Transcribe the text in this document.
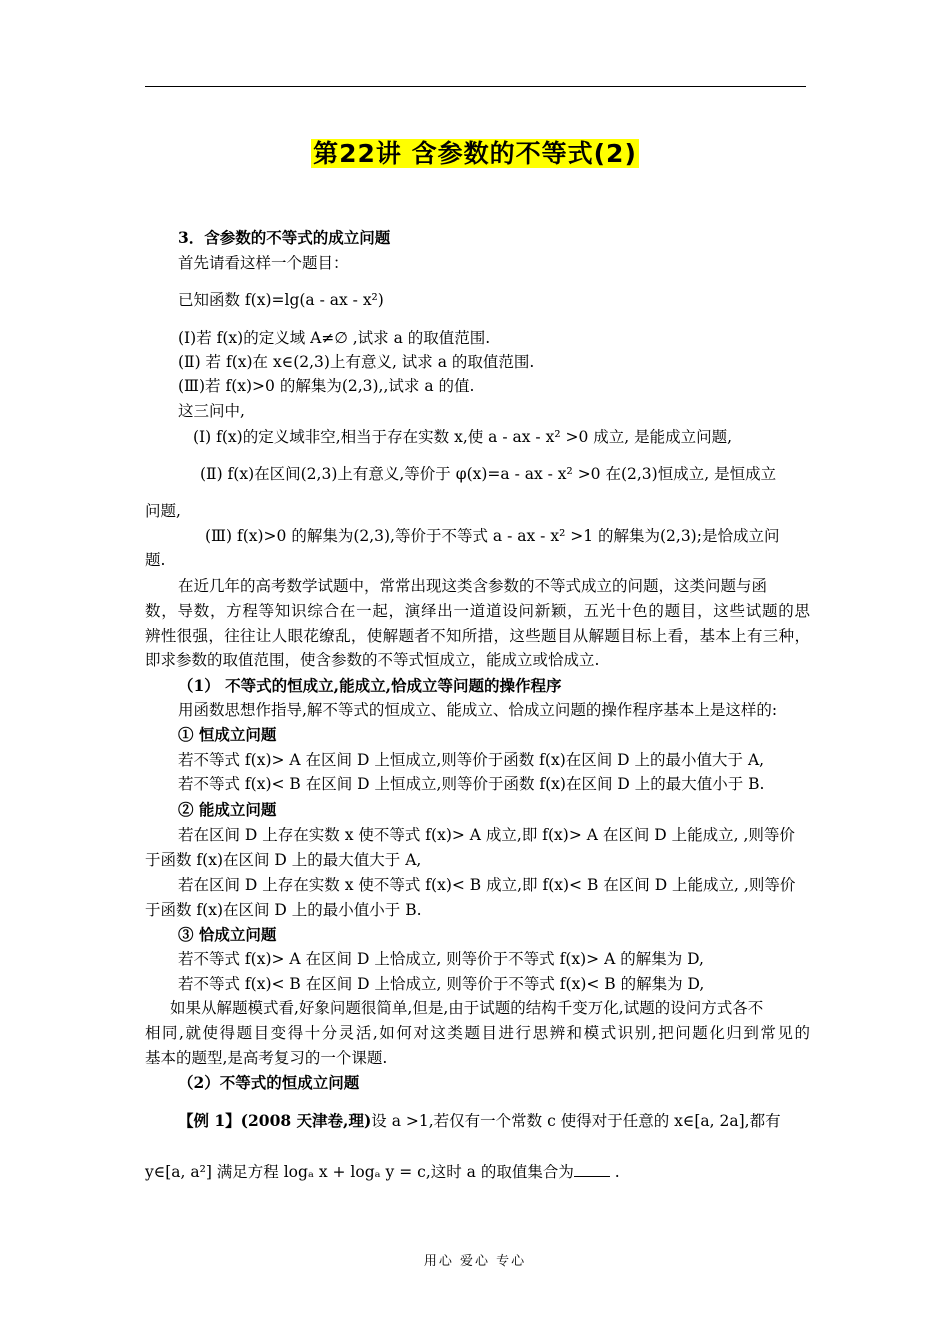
第22讲 含参数的不等式(2)
3．含参数的不等式的成立问题
首先请看这样一个题目：
已知函数 f(x)=lg(a - ax - x²)
(Ⅰ)若 f(x)的定义域 A≠∅ ,试求 a 的取值范围.
(Ⅱ) 若 f(x)在 x∈(2,3)上有意义, 试求 a 的取值范围.
(Ⅲ)若 f(x)>0 的解集为(2,3),,试求 a 的值.
这三问中,
(Ⅰ) f(x)的定义域非空,相当于存在实数 x,使 a - ax - x² >0 成立, 是能成立问题,
(Ⅱ) f(x)在区间(2,3)上有意义,等价于 φ(x)=a - ax - x² >0 在(2,3)恒成立, 是恒成立
问题,
(Ⅲ) f(x)>0 的解集为(2,3),等价于不等式 a - ax - x² >1 的解集为(2,3);是恰成立问
题.
在近几年的高考数学试题中，常常出现这类含参数的不等式成立的问题，这类问题与函
数，导数，方程等知识综合在一起，演绎出一道道设问新颖，五光十色的题目，这些试题的思
辨性很强，往往让人眼花缭乱，使解题者不知所措，这些题目从解题目标上看，基本上有三种，
即求参数的取值范围，使含参数的不等式恒成立，能成立或恰成立.
（1） 不等式的恒成立,能成立,恰成立等问题的操作程序
用函数思想作指导,解不等式的恒成立、能成立、恰成立问题的操作程序基本上是这样的:
① 恒成立问题
若不等式 f(x)> A 在区间 D 上恒成立,则等价于函数 f(x)在区间 D 上的最小值大于 A,
若不等式 f(x)< B 在区间 D 上恒成立,则等价于函数 f(x)在区间 D 上的最大值小于 B.
② 能成立问题
若在区间 D 上存在实数 x 使不等式 f(x)> A 成立,即 f(x)> A 在区间 D 上能成立, ,则等价
于函数 f(x)在区间 D 上的最大值大于 A,
若在区间 D 上存在实数 x 使不等式 f(x)< B 成立,即 f(x)< B 在区间 D 上能成立, ,则等价
于函数 f(x)在区间 D 上的最小值小于 B.
③ 恰成立问题
若不等式 f(x)> A 在区间 D 上恰成立, 则等价于不等式 f(x)> A 的解集为 D,
若不等式 f(x)< B 在区间 D 上恰成立, 则等价于不等式 f(x)< B 的解集为 D,
如果从解题模式看,好象问题很简单,但是,由于试题的结构千变万化,试题的设问方式各不
相同,就使得题目变得十分灵活,如何对这类题目进行思辨和模式识别,把问题化归到常见的
基本的题型,是高考复习的一个课题.
（2）不等式的恒成立问题
【例 1】(2008 天津卷,理)设 a >1,若仅有一个常数 c 使得对于任意的 x∈[a, 2a],都有
y∈[a, a²] 满足方程 logₐ x + logₐ y = c,这时 a 的取值集合为 .
用心 爱心 专心
